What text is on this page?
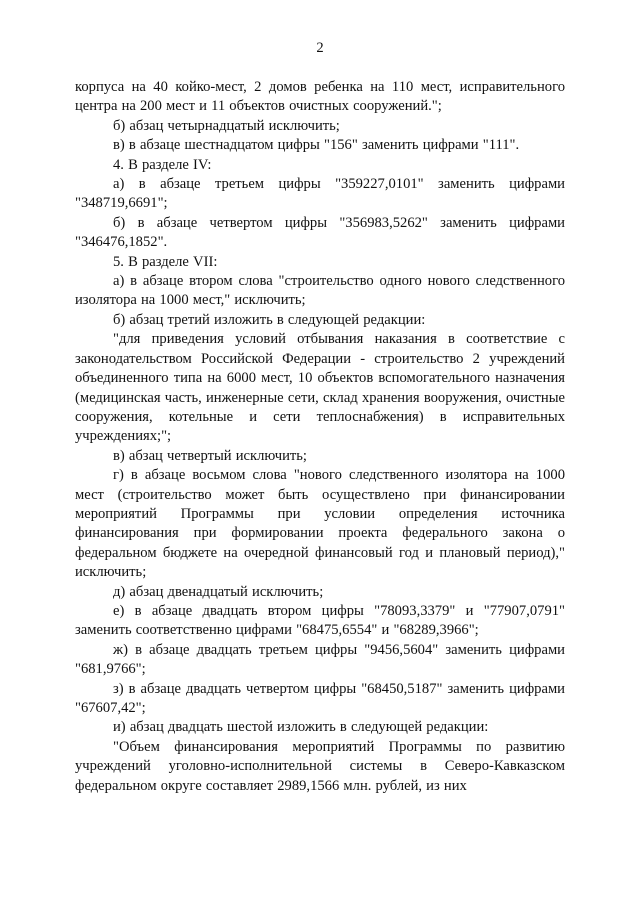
2

корпуса на 40 койко-мест, 2 домов ребенка на 110 мест, исправительного центра на 200 мест и 11 объектов очистных сооружений.";

б) абзац четырнадцатый исключить;

в) в абзаце шестнадцатом цифры "156" заменить цифрами "111".

4. В разделе IV:

а) в абзаце третьем цифры "359227,0101" заменить цифрами "348719,6691";

б) в абзаце четвертом цифры "356983,5262" заменить цифрами "346476,1852".

5. В разделе VII:

а) в абзаце втором слова "строительство одного нового следственного изолятора на 1000 мест," исключить;

б) абзац третий изложить в следующей редакции:

"для приведения условий отбывания наказания в соответствие с законодательством Российской Федерации - строительство 2 учреждений объединенного типа на 6000 мест, 10 объектов вспомогательного назначения (медицинская часть, инженерные сети, склад хранения вооружения, очистные сооружения, котельные и сети теплоснабжения) в исправительных учреждениях;";

в) абзац четвертый исключить;

г) в абзаце восьмом слова "нового следственного изолятора на 1000 мест (строительство может быть осуществлено при финансировании мероприятий Программы при условии определения источника финансирования при формировании проекта федерального закона о федеральном бюджете на очередной финансовый год и плановый период)," исключить;

д) абзац двенадцатый исключить;

е) в абзаце двадцать втором цифры "78093,3379" и "77907,0791" заменить соответственно цифрами "68475,6554" и "68289,3966";

ж) в абзаце двадцать третьем цифры "9456,5604" заменить цифрами "681,9766";

з) в абзаце двадцать четвертом цифры "68450,5187" заменить цифрами "67607,42";

и) абзац двадцать шестой изложить в следующей редакции:

"Объем финансирования мероприятий Программы по развитию учреждений уголовно-исполнительной системы в Северо-Кавказском федеральном округе составляет 2989,1566 млн. рублей, из них
